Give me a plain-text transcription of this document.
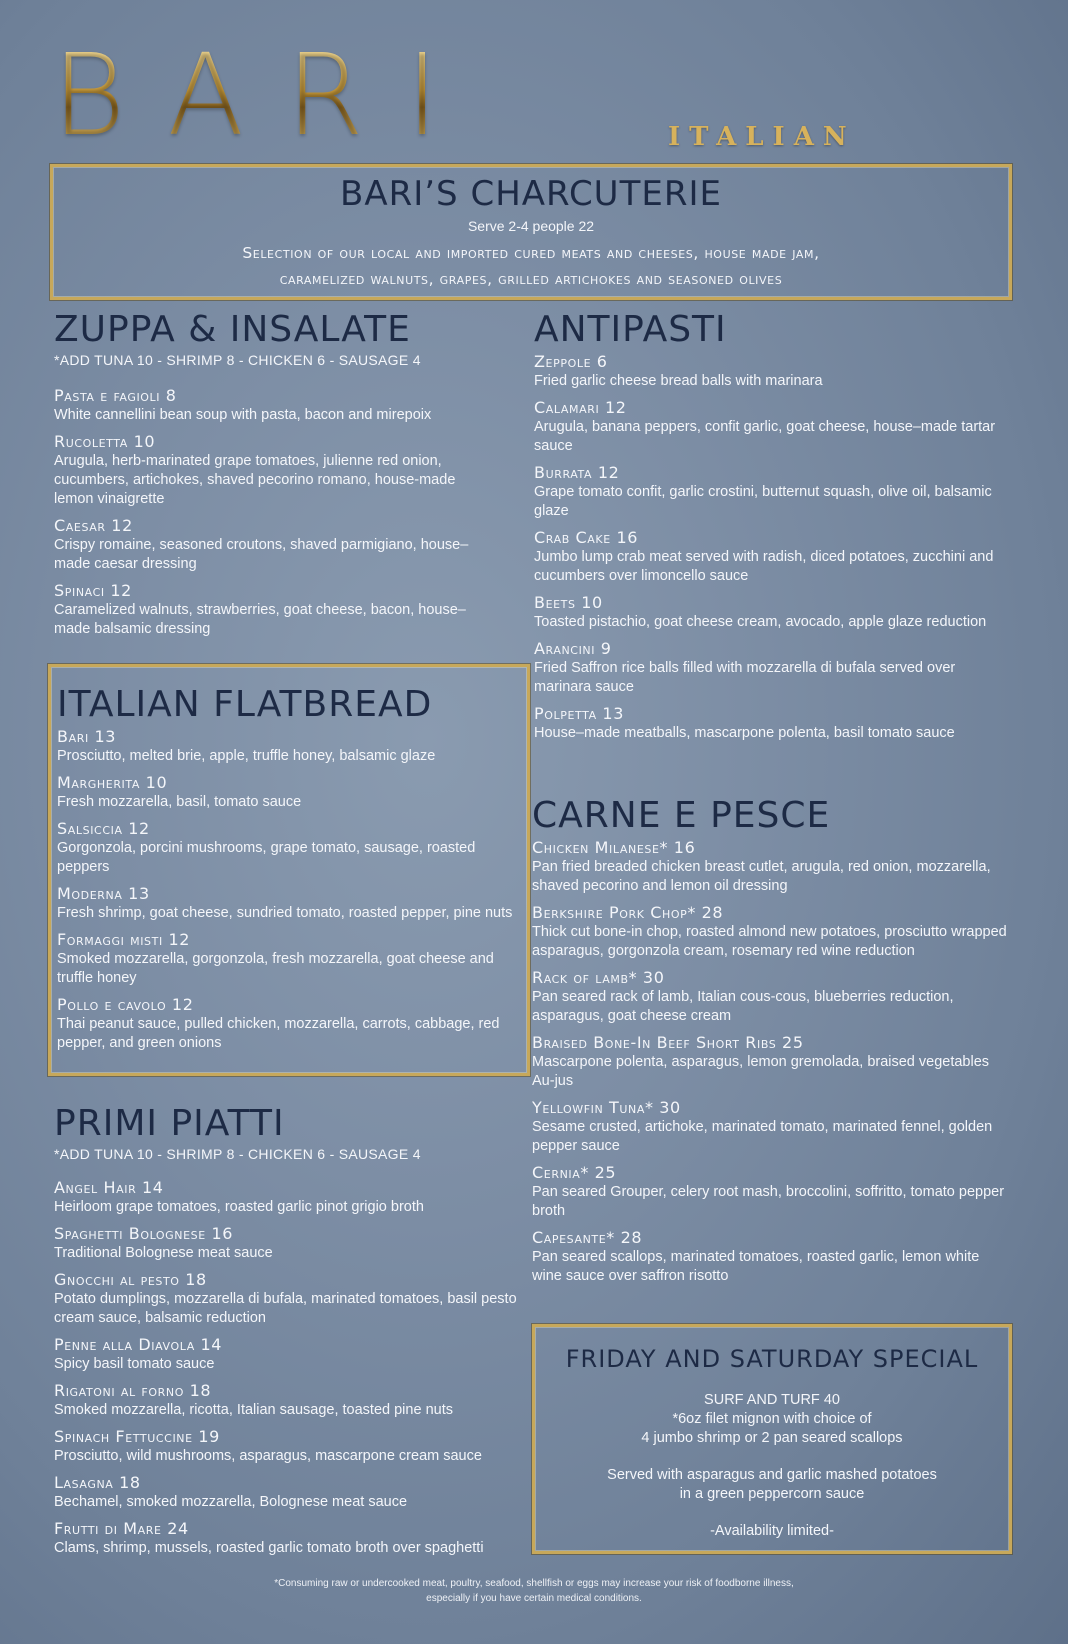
BARI	ITALIAN
BARI’S CHARCUTERIE
Serve 2-4 people 22
Selection of our local and imported cured meats and cheeses, house made jam,
caramelized walnuts, grapes, grilled artichokes and seasoned olives
ZUPPA & INSALATE
*ADD TUNA 10 - SHRIMP 8 - CHICKEN 6 - SAUSAGE 4
Pasta e fagioli 8
White cannellini bean soup with pasta, bacon and mirepoix
Rucoletta 10
Arugula, herb-marinated grape tomatoes, julienne red onion, cucumbers, artichokes, shaved pecorino romano, house-made lemon vinaigrette
Caesar 12
Crispy romaine, seasoned croutons, shaved parmigiano, house–made caesar dressing
Spinaci 12
Caramelized walnuts, strawberries, goat cheese, bacon, house–made balsamic dressing
ANTIPASTI
Zeppole 6
Fried garlic cheese bread balls with marinara
Calamari 12
Arugula, banana peppers, confit garlic, goat cheese, house–made tartar sauce
Burrata 12
Grape tomato confit, garlic crostini, butternut squash, olive oil, balsamic glaze
Crab Cake 16
Jumbo lump crab meat served with radish, diced potatoes, zucchini and cucumbers over limoncello sauce
Beets 10
Toasted pistachio, goat cheese cream, avocado, apple glaze reduction
Arancini 9
Fried Saffron rice balls filled with mozzarella di bufala served over marinara sauce
Polpetta 13
House–made meatballs, mascarpone polenta, basil tomato sauce
ITALIAN FLATBREAD
Bari 13
Prosciutto, melted brie, apple, truffle honey, balsamic glaze
Margherita 10
Fresh mozzarella, basil, tomato sauce
Salsiccia 12
Gorgonzola, porcini mushrooms, grape tomato, sausage, roasted peppers
Moderna 13
Fresh shrimp, goat cheese, sundried tomato, roasted pepper, pine nuts
Formaggi misti 12
Smoked mozzarella, gorgonzola, fresh mozzarella, goat cheese and truffle honey
Pollo e cavolo 12
Thai peanut sauce, pulled chicken, mozzarella, carrots, cabbage, red pepper, and green onions
CARNE E PESCE
Chicken Milanese* 16
Pan fried breaded chicken breast cutlet, arugula, red onion, mozzarella, shaved pecorino and lemon oil dressing
Berkshire Pork Chop* 28
Thick cut bone-in chop, roasted almond new potatoes, prosciutto wrapped asparagus, gorgonzola cream, rosemary red wine reduction
Rack of lamb* 30
Pan seared rack of lamb, Italian cous-cous, blueberries reduction, asparagus, goat cheese cream
Braised Bone-In Beef Short Ribs 25
Mascarpone polenta, asparagus, lemon gremolada, braised vegetables Au-jus
Yellowfin Tuna* 30
Sesame crusted, artichoke, marinated tomato, marinated fennel, golden pepper sauce
Cernia* 25
Pan seared Grouper, celery root mash, broccolini, soffritto, tomato pepper broth
Capesante* 28
Pan seared scallops, marinated tomatoes, roasted garlic, lemon white wine sauce over saffron risotto
PRIMI PIATTI
*ADD TUNA 10 - SHRIMP 8 - CHICKEN 6 - SAUSAGE 4
Angel Hair 14
Heirloom grape tomatoes, roasted garlic pinot grigio broth
Spaghetti Bolognese 16
Traditional Bolognese meat sauce
Gnocchi al pesto 18
Potato dumplings, mozzarella di bufala, marinated tomatoes, basil pesto cream sauce, balsamic reduction
Penne alla Diavola 14
Spicy basil tomato sauce
Rigatoni al forno 18
Smoked mozzarella, ricotta, Italian sausage, toasted pine nuts
Spinach Fettuccine 19
Prosciutto, wild mushrooms, asparagus, mascarpone cream sauce
Lasagna 18
Bechamel, smoked mozzarella, Bolognese meat sauce
Frutti di Mare 24
Clams, shrimp, mussels, roasted garlic tomato broth over spaghetti
FRIDAY AND SATURDAY SPECIAL
SURF AND TURF 40
*6oz filet mignon with choice of
4 jumbo shrimp or 2 pan seared scallops
Served with asparagus and garlic mashed potatoes
in a green peppercorn sauce
-Availability limited-
*Consuming raw or undercooked meat, poultry, seafood, shellfish or eggs may increase your risk of foodborne illness,
especially if you have certain medical conditions.
